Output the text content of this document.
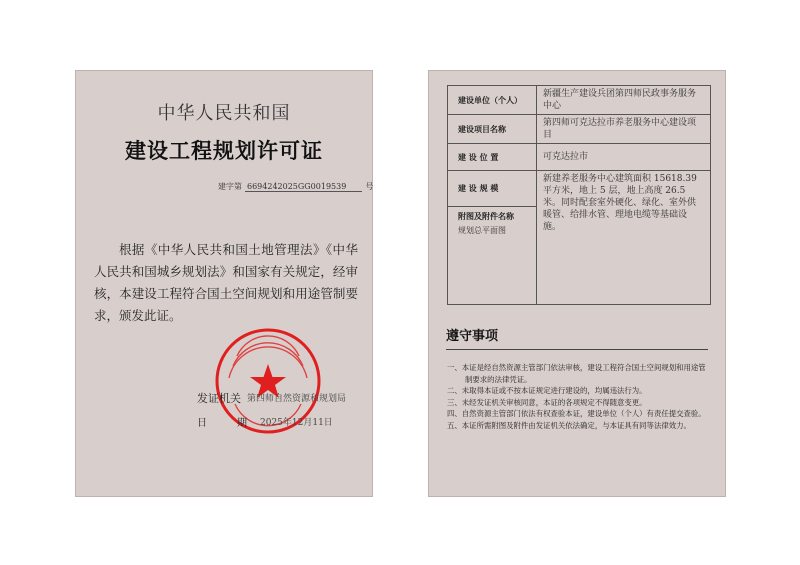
中华人民共和国
建设工程规划许可证
建字第 6694242025GG0019539 号
根据《中华人民共和国土地管理法》《中华人民共和国城乡规划法》和国家有关规定，经审核，本建设工程符合国土空间规划和用途管制要求，颁发此证。
发证机关 第四师自然资源和规划局
日	期 2025年12月11日
建设单位（个人）	新疆生产建设兵团第四师民政事务服务中心
建设项目名称	第四师可克达拉市养老服务中心建设项目
建 设 位 置	可克达拉市
建 设 规 模	新建养老服务中心建筑面积 15618.39 平方米，地上 5 层，地上高度 26.5 米。同时配套室外硬化、绿化、室外供暖管、给排水管、理地电缆等基础设施。
附图及附件名称
规划总平面图	
遵守事项
一、本证是经自然资源主管部门依法审核，建设工程符合国土空间规划和用途管制要求的法律凭证。
二、未取得本证或不按本证规定进行建设的，均属违法行为。
三、未经发证机关审核同意，本证的各项规定不得随意变更。
四、自然资源主管部门依法有权查验本证，建设单位（个人）有责任提交查验。
五、本证所需附图及附件由发证机关依法确定，与本证具有同等法律效力。
